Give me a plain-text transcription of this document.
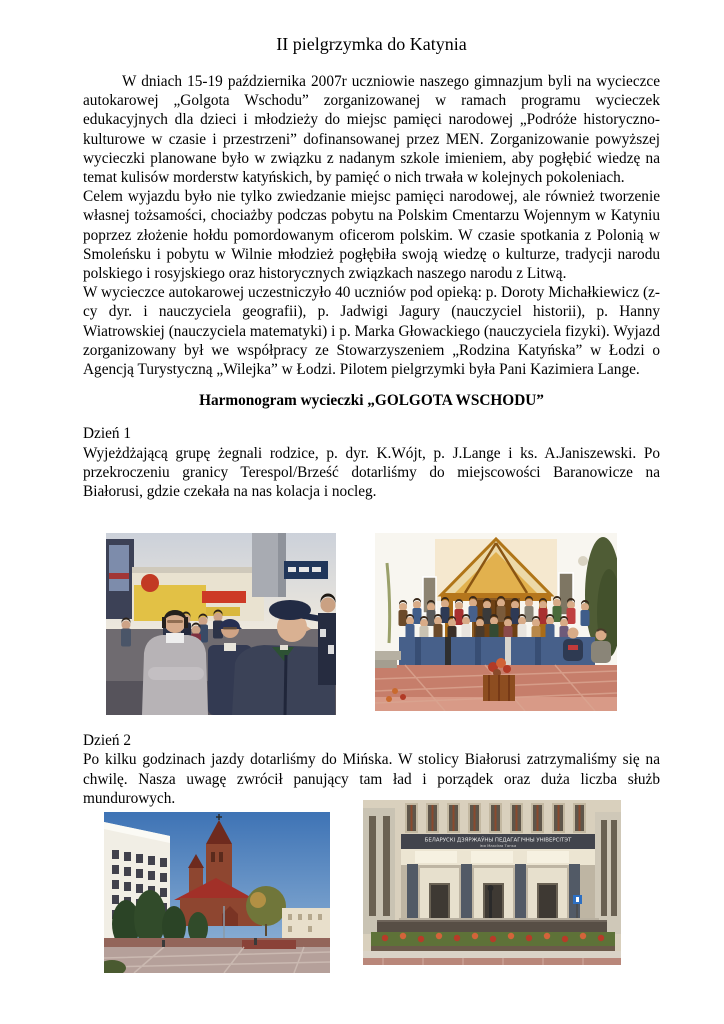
II pielgrzymka do Katynia

W dniach 15-19 października 2007r uczniowie naszego gimnazjum byli na wycieczce autokarowej „Golgota Wschodu” zorganizowanej w ramach programu wycieczek edukacyjnych dla dzieci i młodzieży do miejsc pamięci narodowej „Podróże historyczno-kulturowe w czasie i przestrzeni” dofinansowanej przez MEN. Zorganizowanie powyższej wycieczki planowane było w związku z nadanym szkole imieniem, aby pogłębić wiedzę na temat kulisów morderstw katyńskich, by pamięć o nich trwała w kolejnych pokoleniach.

Celem wyjazdu było nie tylko zwiedzanie miejsc pamięci narodowej, ale również tworzenie własnej tożsamości, chociażby podczas pobytu na Polskim Cmentarzu Wojennym w Katyniu poprzez złożenie hołdu pomordowanym oficerom polskim. W czasie spotkania z Polonią w Smoleńsku i pobytu w Wilnie młodzież pogłębiła swoją wiedzę o kulturze, tradycji narodu polskiego i rosyjskiego oraz historycznych związkach naszego narodu z Litwą.

W wycieczce autokarowej uczestniczyło 40 uczniów pod opieką: p. Doroty Michałkiewicz (z-cy dyr. i nauczyciela geografii), p. Jadwigi Jagury (nauczyciel historii), p. Hanny Wiatrowskiej (nauczyciela matematyki) i p. Marka Głowackiego (nauczyciela fizyki). Wyjazd zorganizowany był we współpracy ze Stowarzyszeniem „Rodzina Katyńska” w Łodzi o Agencją Turystyczną „Wilejka” w Łodzi. Pilotem pielgrzymki była Pani Kazimiera Lange.

Harmonogram wycieczki „GOLGOTA WSCHODU”

Dzień 1

Wyjeżdżającą grupę żegnali rodzice, p. dyr. K.Wójt, p. J.Lange i ks. A.Janiszewski. Po przekroczeniu granicy Terespol/Brześć dotarliśmy do miejscowości Baranowicze na Białorusi, gdzie czekała na nas kolacja i nocleg.

Dzień 2

Po kilku godzinach jazdy dotarliśmy do Mińska. W stolicy Białorusi zatrzymaliśmy się na chwilę. Nasza uwagę zwrócił panujący tam ład i porządek oraz duża liczba służb mundurowych.

БЕЛАРУСКІ ДЗЯРЖАЎНЫ ПЕДАГАГІЧНЫ УНІВЕРСІТЭТ
імя Максіма Танка
